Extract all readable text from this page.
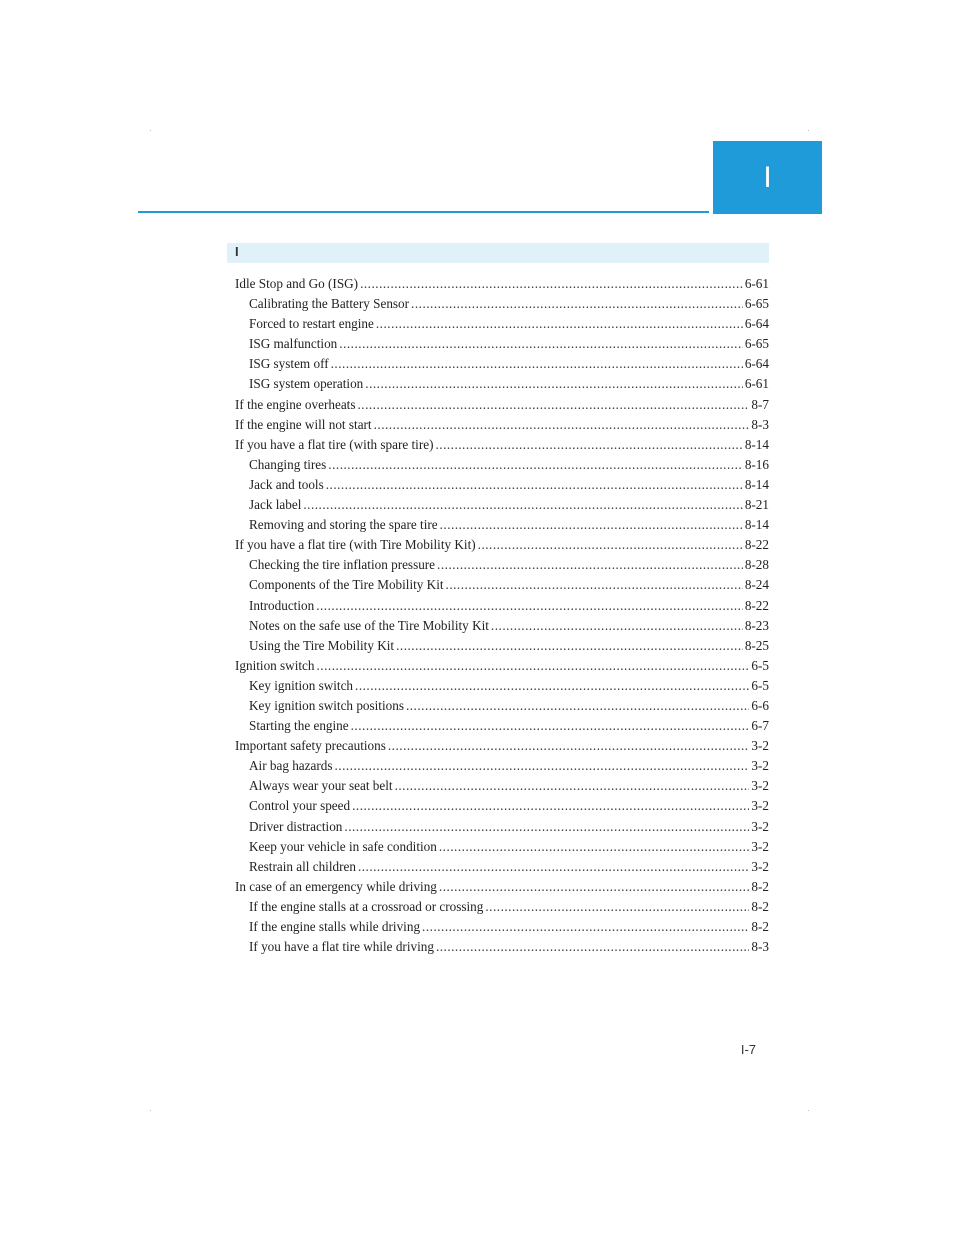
I
I
Idle Stop and Go (ISG) .....	6-61
Calibrating the Battery Sensor .....	6-65
Forced to restart engine .....	6-64
ISG malfunction .....	6-65
ISG system off .....	6-64
ISG system operation .....	6-61
If the engine overheats .....	8-7
If the engine will not start .....	8-3
If you have a flat tire (with spare tire) .....	8-14
Changing tires .....	8-16
Jack and tools .....	8-14
Jack label .....	8-21
Removing and storing the spare tire .....	8-14
If you have a flat tire (with Tire Mobility Kit) .....	8-22
Checking the tire inflation pressure .....	8-28
Components of the Tire Mobility Kit .....	8-24
Introduction .....	8-22
Notes on the safe use of the Tire Mobility Kit .....	8-23
Using the Tire Mobility Kit .....	8-25
Ignition switch .....	6-5
Key ignition switch .....	6-5
Key ignition switch positions .....	6-6
Starting the engine .....	6-7
Important safety precautions .....	3-2
Air bag hazards .....	3-2
Always wear your seat belt .....	3-2
Control your speed .....	3-2
Driver distraction .....	3-2
Keep your vehicle in safe condition .....	3-2
Restrain all children .....	3-2
In case of an emergency while driving .....	8-2
If the engine stalls at a crossroad or crossing .....	8-2
If the engine stalls while driving .....	8-2
If you have a flat tire while driving .....	8-3
I-7
